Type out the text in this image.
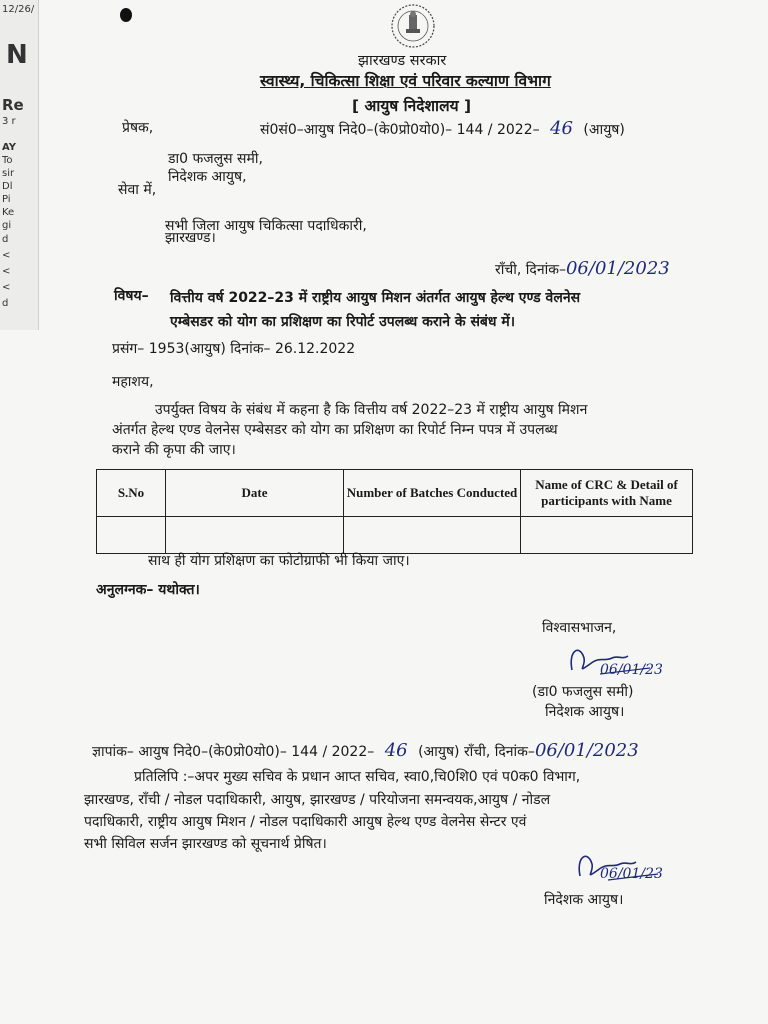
N
Re
3 r
AY
To
sir
Dl
Pi
Ke
gi
d
<
<
<
d
12/26/
झारखण्ड सरकार
स्वास्थ्य, चिकित्सा शिक्षा एवं परिवार कल्याण विभाग
[ आयुष निदेशालय ]
सं0सं0–आयुष निदे0–(के0प्रो0यो0)– 144 / 2022– 46 (आयुष)
प्रेषक,
डा0 फजलुस समी,
निदेशक आयुष,
सेवा में,
सभी जिला आयुष चिकित्सा पदाधिकारी,
झारखण्ड।
राँची, दिनांक–06/01/2023
विषय– वित्तीय वर्ष 2022–23 में राष्ट्रीय आयुष मिशन अंतर्गत आयुष हेल्थ एण्ड वेलनेस
एम्बेसडर को योग का प्रशिक्षण का रिपोर्ट उपलब्ध कराने के संबंध में।
प्रसंग– 1953(आयुष) दिनांक– 26.12.2022
महाशय,
उपर्युक्त विषय के संबंध में कहना है कि वित्तीय वर्ष 2022–23 में राष्ट्रीय आयुष मिशन
अंतर्गत हेल्थ एण्ड वेलनेस एम्बेसडर को योग का प्रशिक्षण का रिपोर्ट निम्न पपत्र में उपलब्ध
कराने की कृपा की जाए।
S.No	Date	Number of Batches Conducted	Name of CRC & Detail of participants with Name

साथ ही योग प्रशिक्षण का फोटोग्राफी भी किया जाए।
अनुलग्नक– यथोक्त।
विश्वासभाजन,
06/01/23
(डा0 फजलुस समी)
निदेशक आयुष।
ज्ञापांक– आयुष निदे0–(के0प्रो0यो0)– 144 / 2022– 46 (आयुष) राँची, दिनांक–06/01/2023
प्रतिलिपि :–अपर मुख्य सचिव के प्रधान आप्त सचिव, स्वा0,चि0शि0 एवं प0क0 विभाग,
झारखण्ड, राँची / नोडल पदाधिकारी, आयुष, झारखण्ड / परियोजना समन्वयक,आयुष / नोडल
पदाधिकारी, राष्ट्रीय आयुष मिशन / नोडल पदाधिकारी आयुष हेल्थ एण्ड वेलनेस सेन्टर एवं
सभी सिविल सर्जन झारखण्ड को सूचनार्थ प्रेषित।
06/01/23
निदेशक आयुष।
